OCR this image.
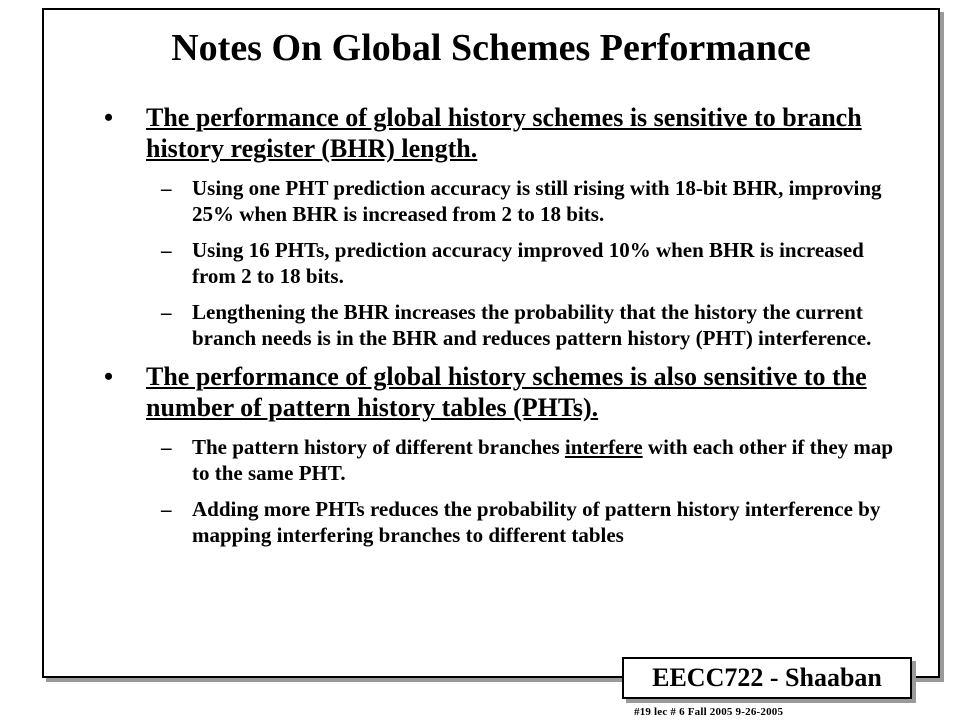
Notes On Global Schemes Performance
• The performance of global history schemes is sensitive to branch history register (BHR) length.
– Using one PHT prediction accuracy is still rising with 18-bit BHR, improving 25% when BHR is increased from 2 to 18 bits.
– Using 16 PHTs, prediction accuracy improved 10% when BHR is increased from 2 to 18 bits.
– Lengthening the BHR increases the probability that the history the current branch needs is in the BHR and reduces pattern history (PHT) interference.
• The performance of global history schemes is also sensitive to the number of pattern history tables (PHTs).
– The pattern history of different branches interfere with each other if they map to the same PHT.
– Adding more PHTs reduces the probability of pattern history interference by mapping interfering branches to different tables
EECC722 - Shaaban
#19 lec # 6 Fall 2005 9-26-2005
